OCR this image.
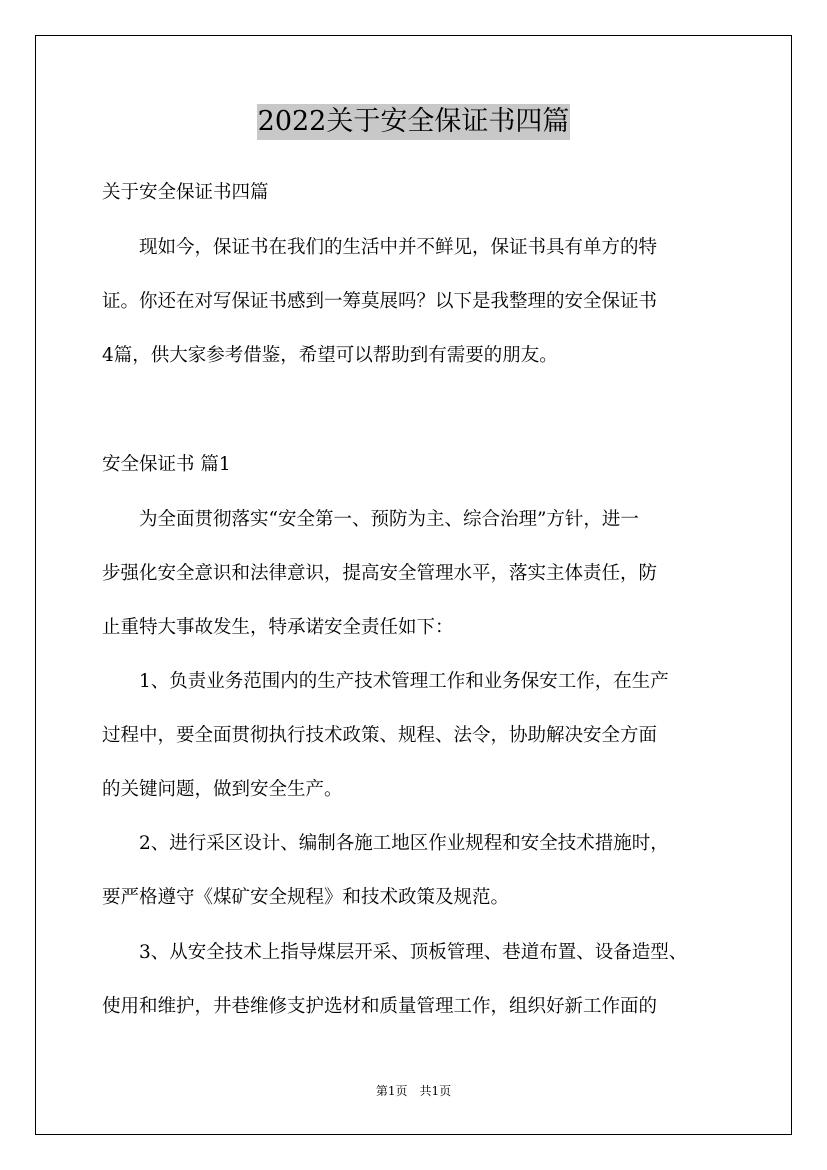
2022关于安全保证书四篇
关于安全保证书四篇
　　现如今，保证书在我们的生活中并不鲜见，保证书具有单方的特
证。你还在对写保证书感到一筹莫展吗？以下是我整理的安全保证书
4篇，供大家参考借鉴，希望可以帮助到有需要的朋友。
安全保证书 篇1
　　为全面贯彻落实“安全第一、预防为主、综合治理”方针，进一
步强化安全意识和法律意识，提高安全管理水平，落实主体责任，防
止重特大事故发生，特承诺安全责任如下：
　　1、负责业务范围内的生产技术管理工作和业务保安工作，在生产
过程中，要全面贯彻执行技术政策、规程、法令，协助解决安全方面
的关键问题，做到安全生产。
　　2、进行采区设计、编制各施工地区作业规程和安全技术措施时，
要严格遵守《煤矿安全规程》和技术政策及规范。
　　3、从安全技术上指导煤层开采、顶板管理、巷道布置、设备造型、
使用和维护，井巷维修支护选材和质量管理工作，组织好新工作面的
第1页　共1页
